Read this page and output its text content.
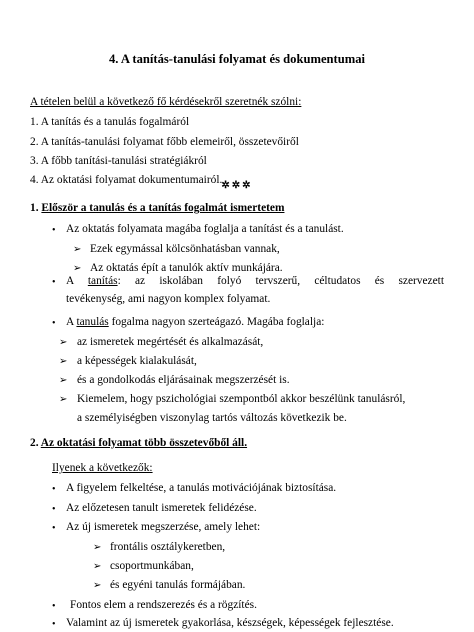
4. A tanítás-tanulási folyamat és dokumentumai
A tételen belül a következő fő kérdésekről szeretnék szólni:
1. A tanítás és a tanulás fogalmáról
2. A tanítás-tanulási folyamat főbb elemeiről, összetevőiről
3. A főbb tanítási-tanulási stratégiákról
4. Az oktatási folyamat dokumentumairól. ✲✲✲
1. Először a tanulás és a tanítás fogalmát ismertetem
• Az oktatás folyamata magába foglalja a tanítást és a tanulást.
➢ Ezek egymással kölcsönhatásban vannak,
➢ Az oktatás épít a tanulók aktív munkájára.
• A tanítás: az iskolában folyó tervszerű, céltudatos és szervezett
tevékenység, ami nagyon komplex folyamat.
• A tanulás fogalma nagyon szerteágazó. Magába foglalja:
➢ az ismeretek megértését és alkalmazását,
➢ a képességek kialakulását,
➢ és a gondolkodás eljárásainak megszerzését is.
➢ Kiemelem, hogy pszichológiai szempontból akkor beszélünk tanulásról,
a személyiségben viszonylag tartós változás következik be.
2. Az oktatási folyamat több összetevőből áll.
Ilyenek a következők:
• A figyelem felkeltése, a tanulás motivációjának biztosítása.
• Az előzetesen tanult ismeretek felidézése.
• Az új ismeretek megszerzése, amely lehet:
➢ frontális osztálykeretben,
➢ csoportmunkában,
➢ és egyéni tanulás formájában.
• Fontos elem a rendszerezés és a rögzítés.
• Valamint az új ismeretek gyakorlása, készségek, képességek fejlesztése.
